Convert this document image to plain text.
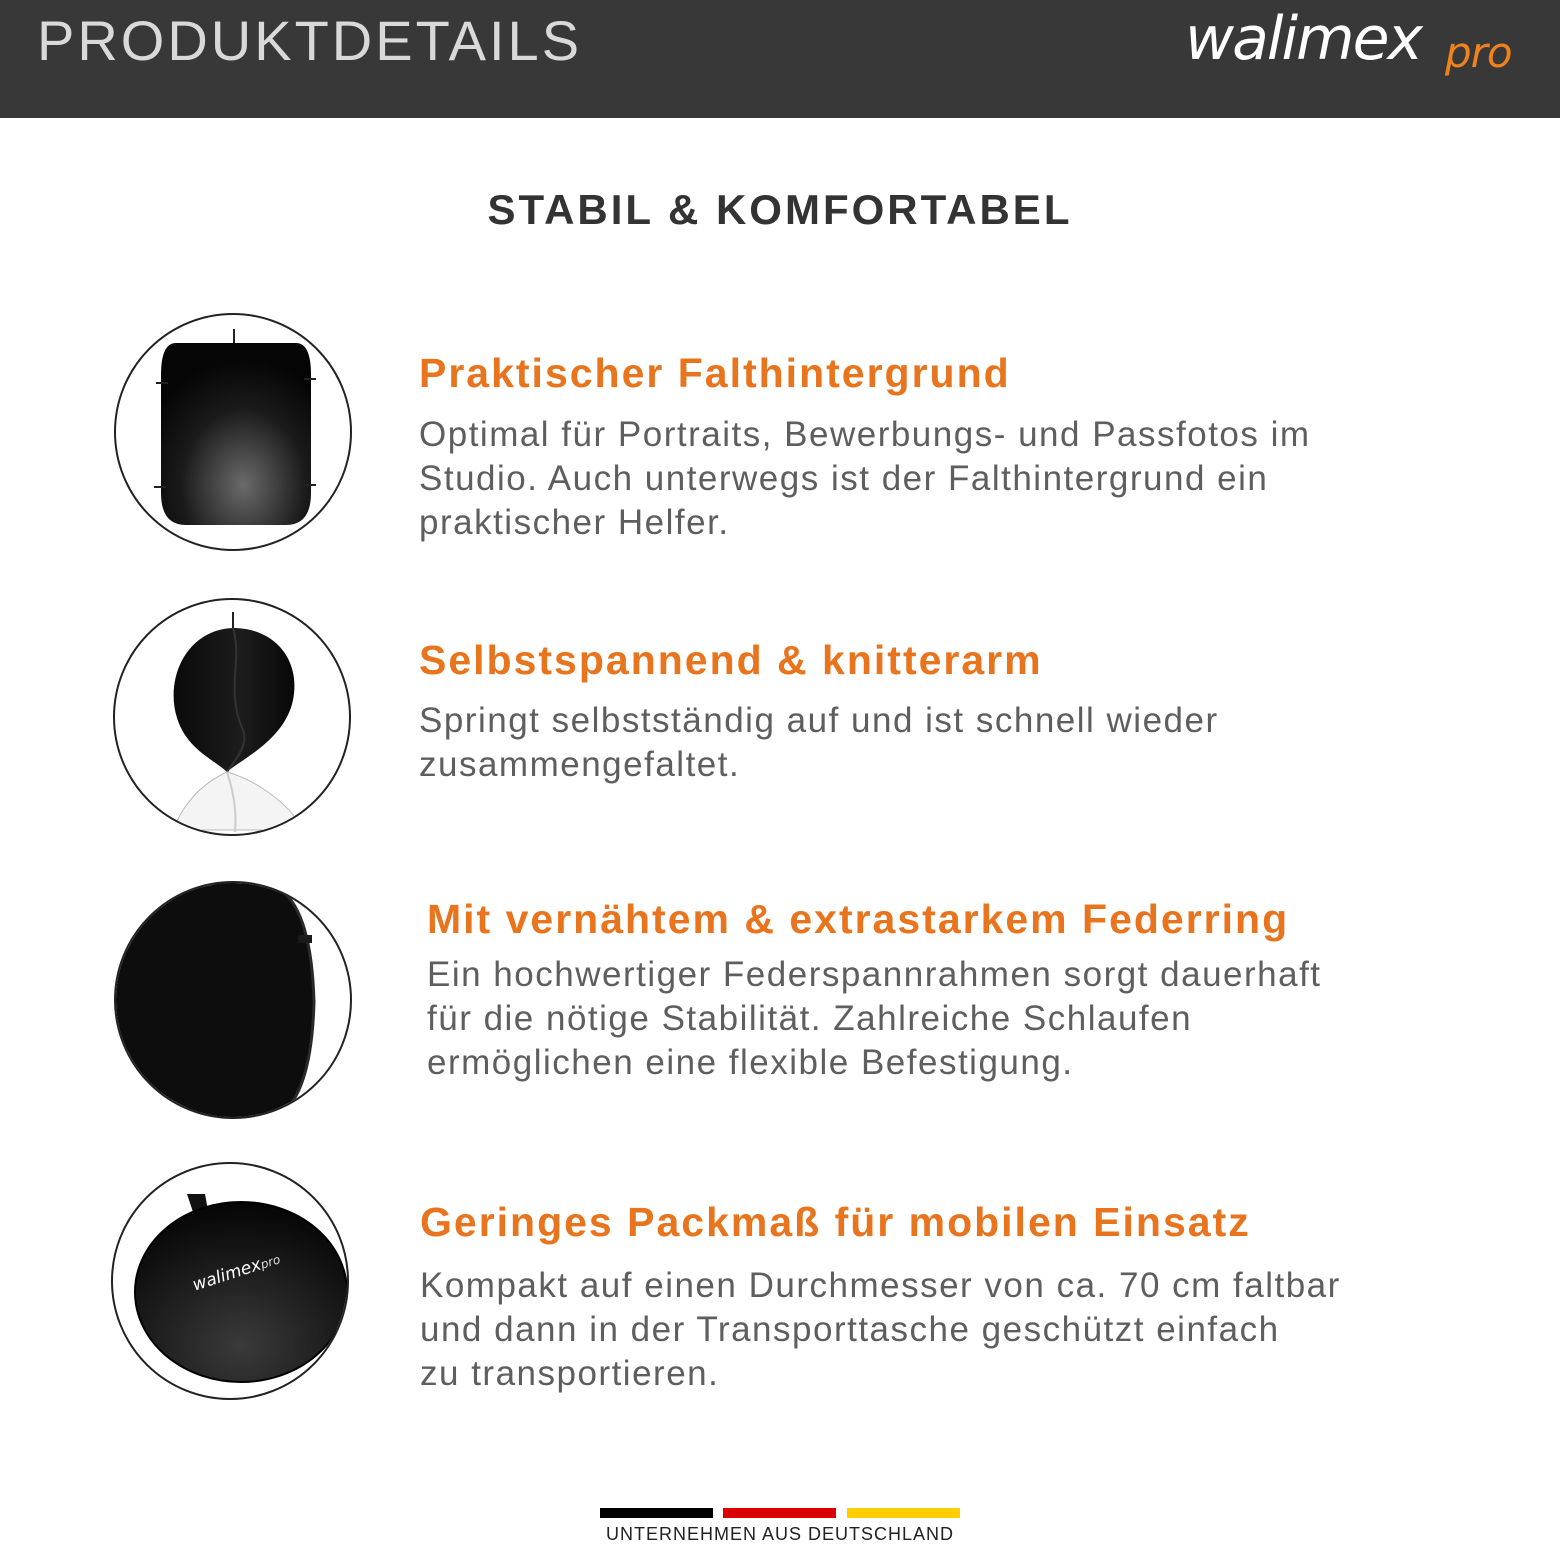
PRODUKTDETAILS	walimex pro
STABIL & KOMFORTABEL
Praktischer Falthintergrund
Optimal für Portraits, Bewerbungs- und Passfotos im
Studio. Auch unterwegs ist der Falthintergrund ein
praktischer Helfer.
Selbstspannend & knitterarm
Springt selbstständig auf und ist schnell wieder
zusammengefaltet.
Mit vernähtem & extrastarkem Federring
Ein hochwertiger Federspannrahmen sorgt dauerhaft
für die nötige Stabilität. Zahlreiche Schlaufen
ermöglichen eine flexible Befestigung.
walimexpro
Geringes Packmaß für mobilen Einsatz
Kompakt auf einen Durchmesser von ca. 70 cm faltbar
und dann in der Transporttasche geschützt einfach
zu transportieren.
UNTERNEHMEN AUS DEUTSCHLAND
